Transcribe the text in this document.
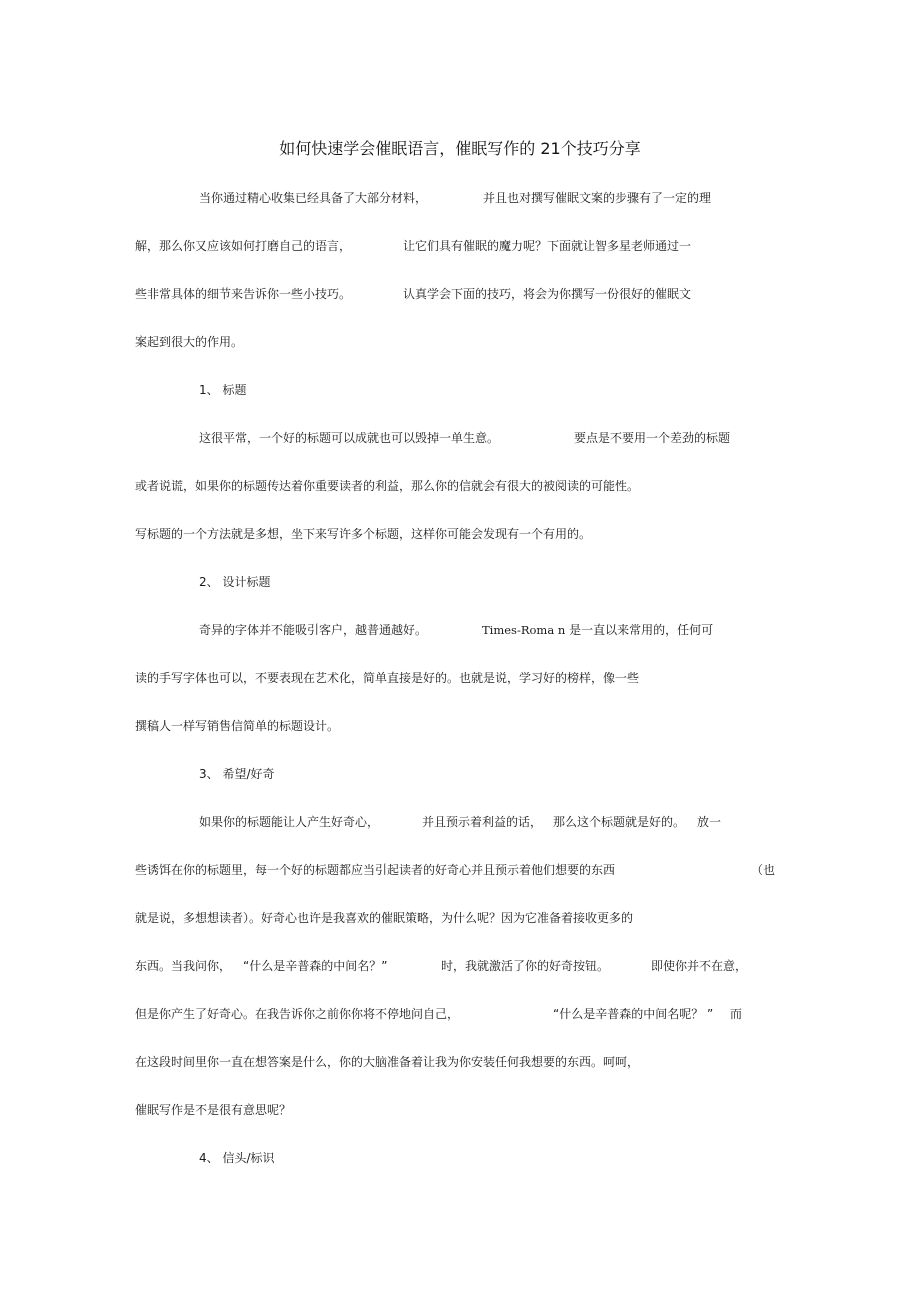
如何快速学会催眠语言，催眠写作的 21个技巧分享
当你通过精心收集已经具备了大部分材料，	并且也对撰写催眠文案的步骤有了一定的理
解，那么你又应该如何打磨自己的语言，	让它们具有催眠的魔力呢？下面就让智多星老师通过一
些非常具体的细节来告诉你一些小技巧。	认真学会下面的技巧，将会为你撰写一份很好的催眠文
案起到很大的作用。
1、 标题
这很平常，一个好的标题可以成就也可以毁掉一单生意。	要点是不要用一个差劲的标题
或者说谎，如果你的标题传达着你重要读者的利益，那么你的信就会有很大的被阅读的可能性。
写标题的一个方法就是多想，坐下来写许多个标题，这样你可能会发现有一个有用的。
2、 设计标题
奇异的字体并不能吸引客户，越普通越好。	Times-Roma n 是一直以来常用的，任何可
读的手写字体也可以，不要表现在艺术化，简单直接是好的。也就是说，学习好的榜样，像一些
撰稿人一样写销售信简单的标题设计。
3、 希望/好奇
如果你的标题能让人产生好奇心，	并且预示着利益的话， 那么这个标题就是好的。 放一
些诱饵在你的标题里，每一个好的标题都应当引起读者的好奇心并且预示着他们想要的东西	（也
就是说，多想想读者）。好奇心也许是我喜欢的催眠策略，为什么呢？因为它准备着接收更多的
东西。当我问你， “什么是辛普森的中间名？”	时，我就激活了你的好奇按钮。	即使你并不在意，
但是你产生了好奇心。在我告诉你之前你你将不停地问自己，	“什么是辛普森的中间名呢？ ” 而
在这段时间里你一直在想答案是什么，你的大脑准备着让我为你安装任何我想要的东西。呵呵，
催眠写作是不是很有意思呢？
4、 信头/标识
